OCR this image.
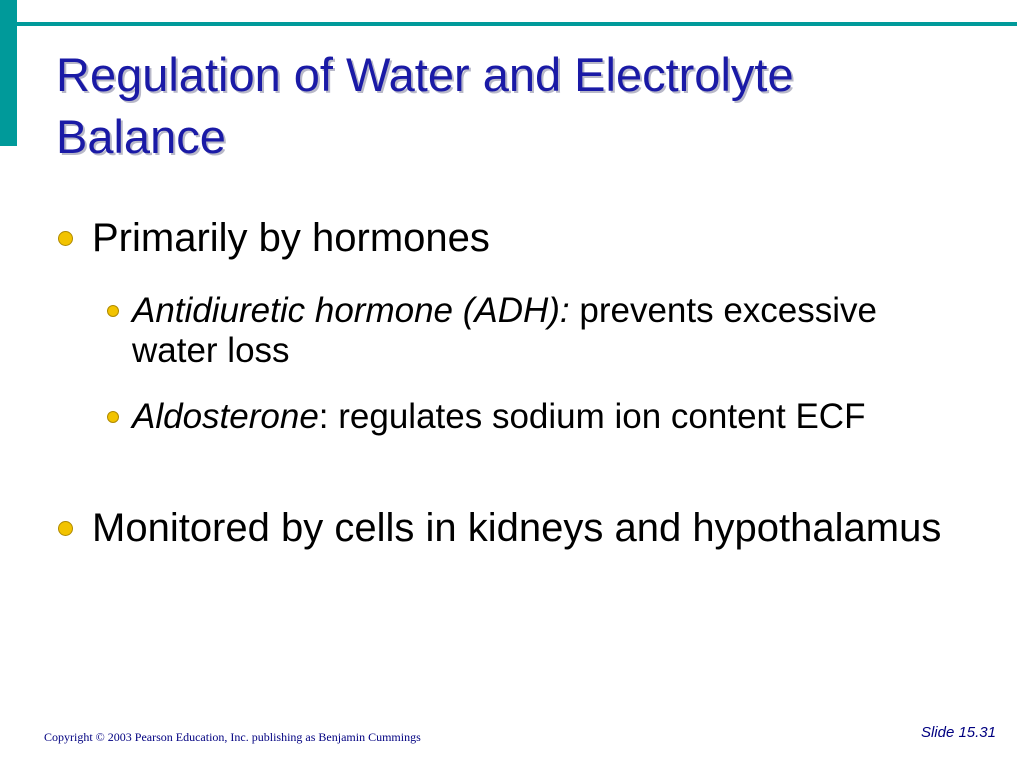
Regulation of Water and Electrolyte Balance
Primarily by hormones
Antidiuretic hormone (ADH): prevents excessive water loss
Aldosterone: regulates sodium ion content ECF
Monitored by cells in kidneys and hypothalamus
Copyright © 2003 Pearson Education, Inc. publishing as Benjamin Cummings	Slide 15.31
